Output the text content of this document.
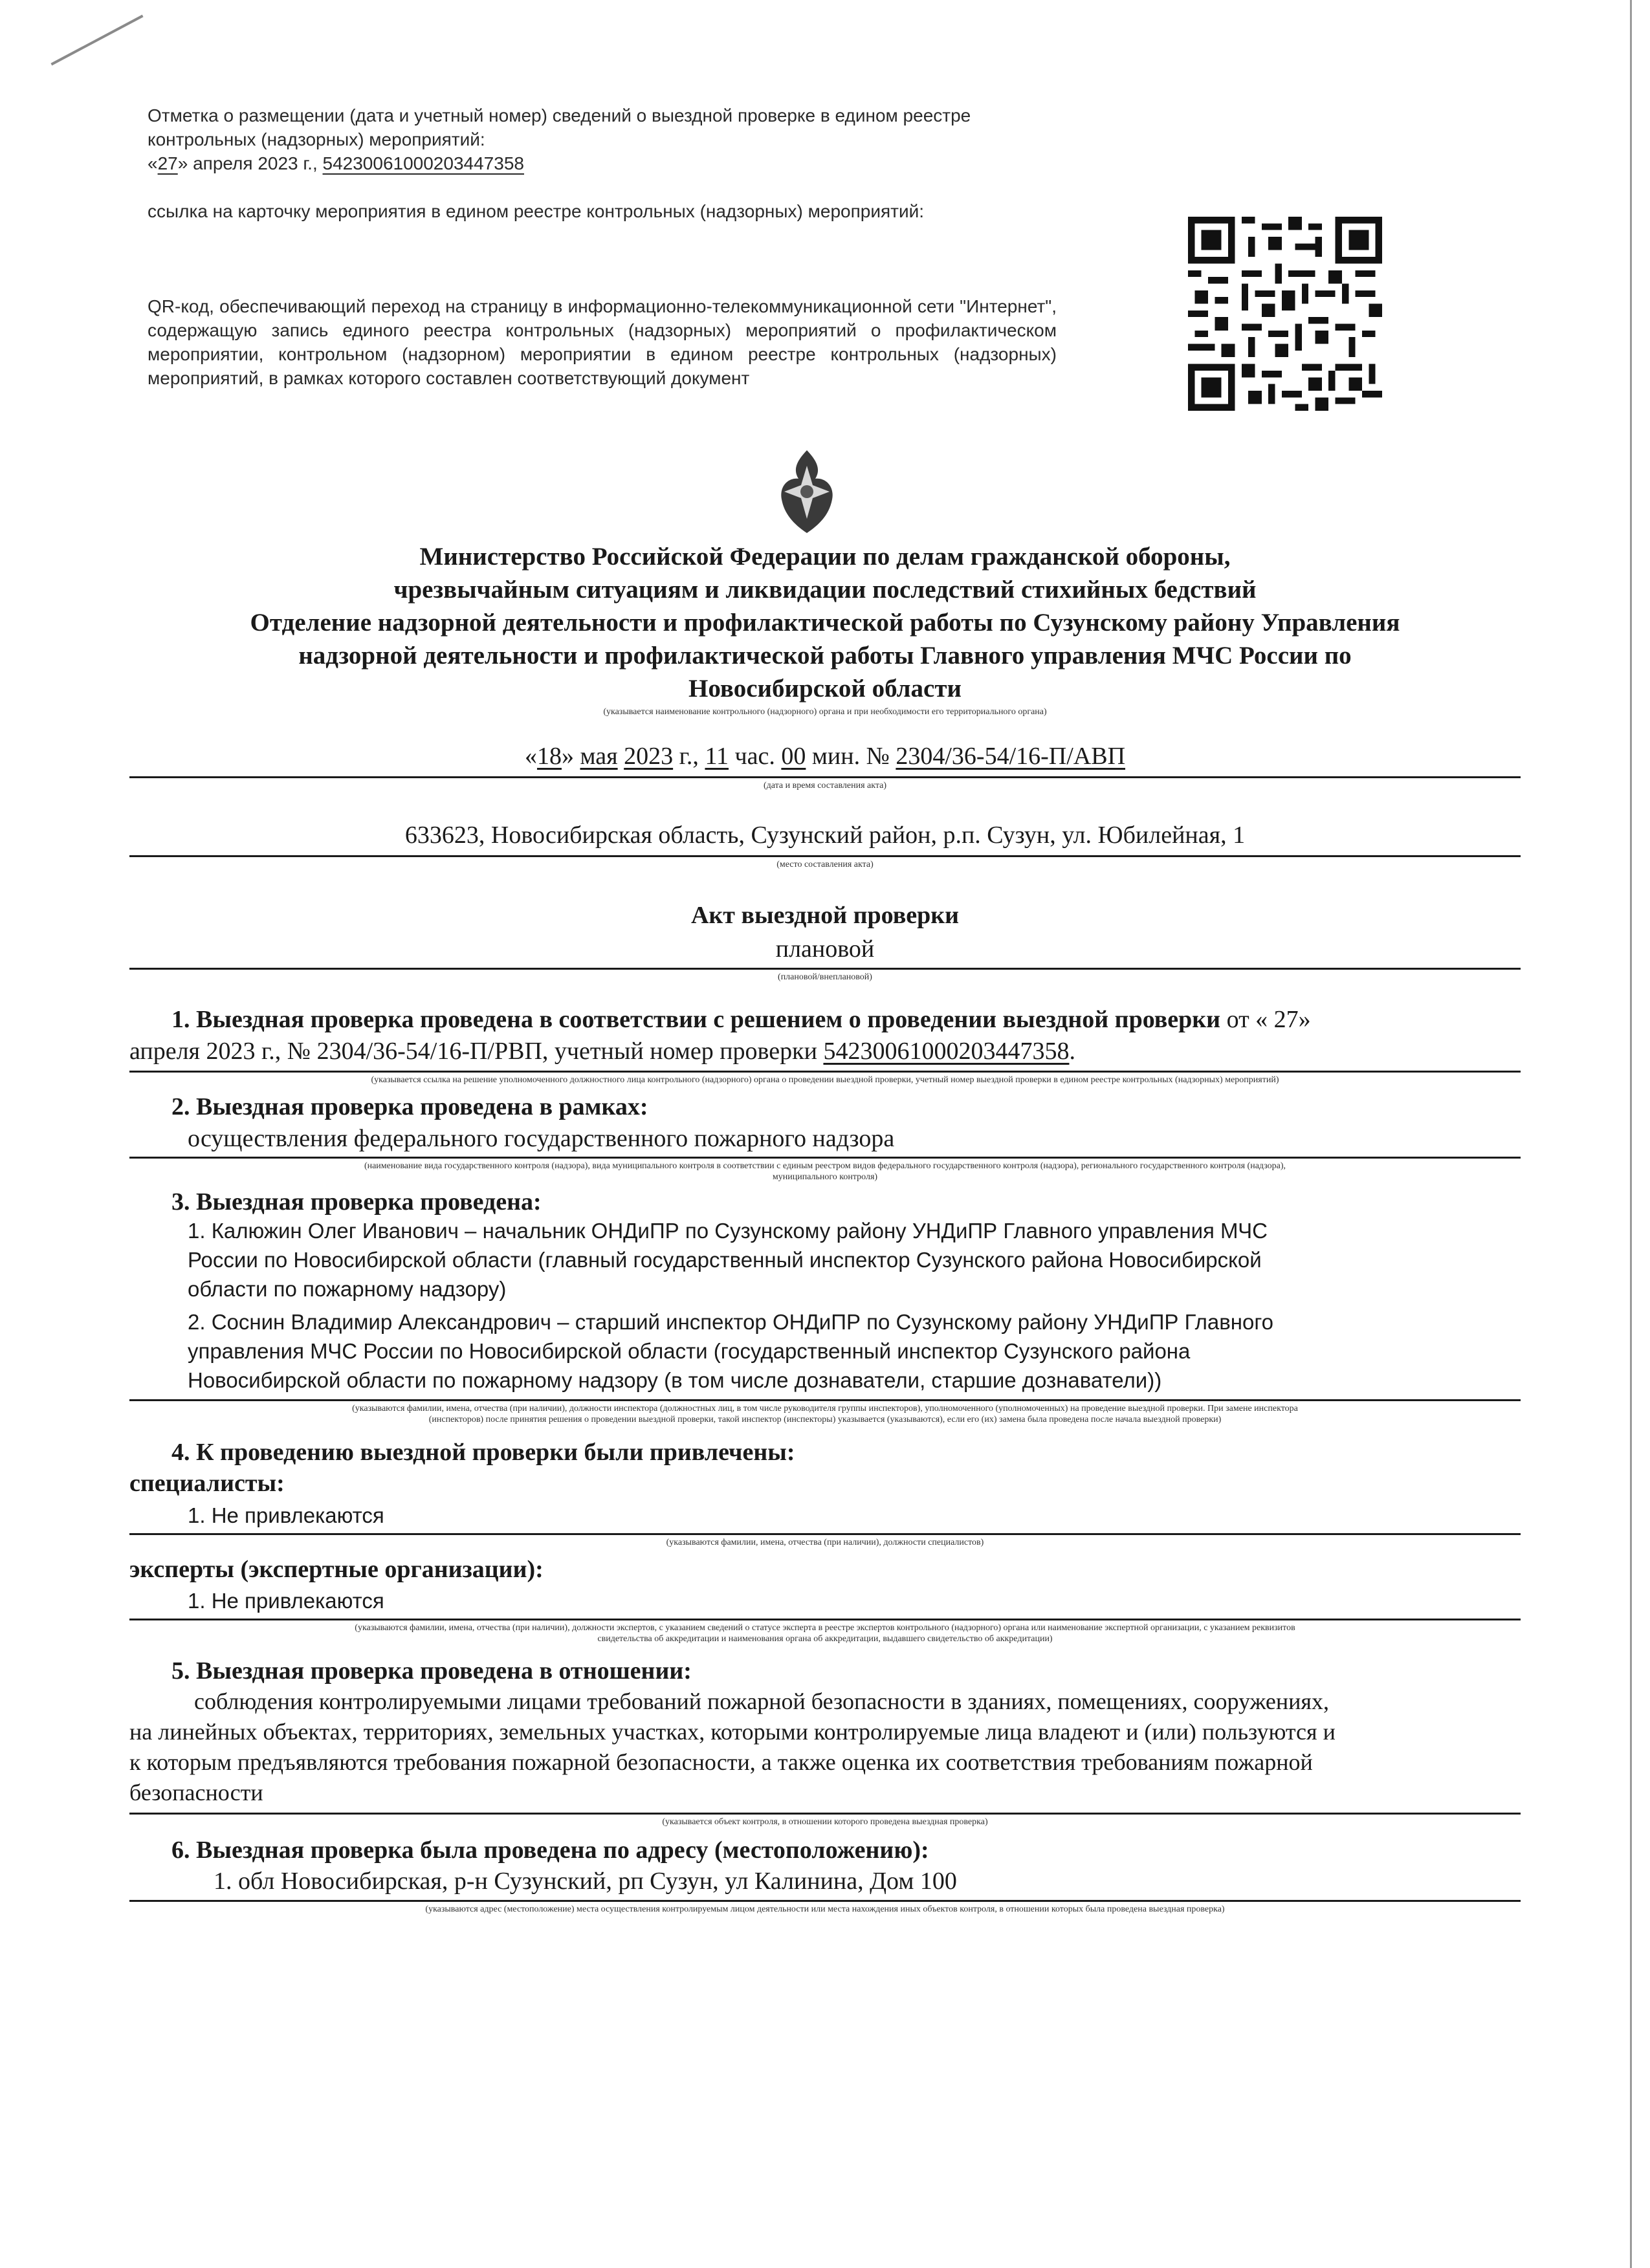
Отметка о размещении (дата и учетный номер) сведений о выездной проверке в едином реестре контрольных (надзорных) мероприятий:

«27» апреля 2023 г., 54230061000203447358

ссылка на карточку мероприятия в едином реестре контрольных (надзорных) мероприятий:

QR-код, обеспечивающий переход на страницу в информационно-телекоммуникационной сети "Интернет", содержащую запись единого реестра контрольных (надзорных) мероприятий о профилактическом мероприятии, контрольном (надзорном) мероприятии в едином реестре контрольных (надзорных) мероприятий, в рамках которого составлен соответствующий документ
Министерство Российской Федерации по делам гражданской обороны,
чрезвычайным ситуациям и ликвидации последствий стихийных бедствий
Отделение надзорной деятельности и профилактической работы по Сузунскому району Управления
надзорной деятельности и профилактической работы Главного управления МЧС России по
Новосибирской области
(указывается наименование контрольного (надзорного) органа и при необходимости его территориального органа)
«18» мая 2023 г., 11 час. 00 мин. № 2304/36-54/16-П/АВП
(дата и время составления акта)
633623, Новосибирская область, Сузунский район, р.п. Сузун, ул. Юбилейная, 1
(место составления акта)
Акт выездной проверки
плановой
(плановой/внеплановой)
1. Выездная проверка проведена в соответствии с решением о проведении выездной проверки от « 27»
апреля 2023 г., № 2304/36-54/16-П/РВП, учетный номер проверки 54230061000203447358.
(указывается ссылка на решение уполномоченного должностного лица контрольного (надзорного) органа о проведении выездной проверки, учетный номер выездной проверки в едином реестре контрольных (надзорных) мероприятий)
2. Выездная проверка проведена в рамках:
осуществления федерального государственного пожарного надзора
(наименование вида государственного контроля (надзора), вида муниципального контроля в соответствии с единым реестром видов федерального государственного контроля (надзора), регионального государственного контроля (надзора),
муниципального контроля)
3. Выездная проверка проведена:
1. Калюжин Олег Иванович – начальник ОНДиПР по Сузунскому району УНДиПР Главного управления МЧС
России по Новосибирской области (главный государственный инспектор Сузунского района Новосибирской
области по пожарному надзору)
2. Соснин Владимир Александрович – старший инспектор ОНДиПР по Сузунскому району УНДиПР Главного
управления МЧС России по Новосибирской области (государственный инспектор Сузунского района
Новосибирской области по пожарному надзору (в том числе дознаватели, старшие дознаватели))
(указываются фамилии, имена, отчества (при наличии), должности инспектора (должностных лиц, в том числе руководителя группы инспекторов), уполномоченного (уполномоченных) на проведение выездной проверки. При замене инспектора
(инспекторов) после принятия решения о проведении выездной проверки, такой инспектор (инспекторы) указывается (указываются), если его (их) замена была проведена после начала выездной проверки)
4. К проведению выездной проверки были привлечены:
специалисты:
1. Не привлекаются
(указываются фамилии, имена, отчества (при наличии), должности специалистов)
эксперты (экспертные организации):
1. Не привлекаются
(указываются фамилии, имена, отчества (при наличии), должности экспертов, с указанием сведений о статусе эксперта в реестре экспертов контрольного (надзорного) органа или наименование экспертной организации, с указанием реквизитов
свидетельства об аккредитации и наименования органа об аккредитации, выдавшего свидетельство об аккредитации)
5. Выездная проверка проведена в отношении:
соблюдения контролируемыми лицами требований пожарной безопасности в зданиях, помещениях, сооружениях,
на линейных объектах, территориях, земельных участках, которыми контролируемые лица владеют и (или) пользуются и
к которым предъявляются требования пожарной безопасности, а также оценка их соответствия требованиям пожарной
безопасности
(указывается объект контроля, в отношении которого проведена выездная проверка)
6. Выездная проверка была проведена по адресу (местоположению):
1. обл Новосибирская, р-н Сузунский, рп Сузун, ул Калинина, Дом 100
(указываются адрес (местоположение) места осуществления контролируемым лицом деятельности или места нахождения иных объектов контроля, в отношении которых была проведена выездная проверка)
